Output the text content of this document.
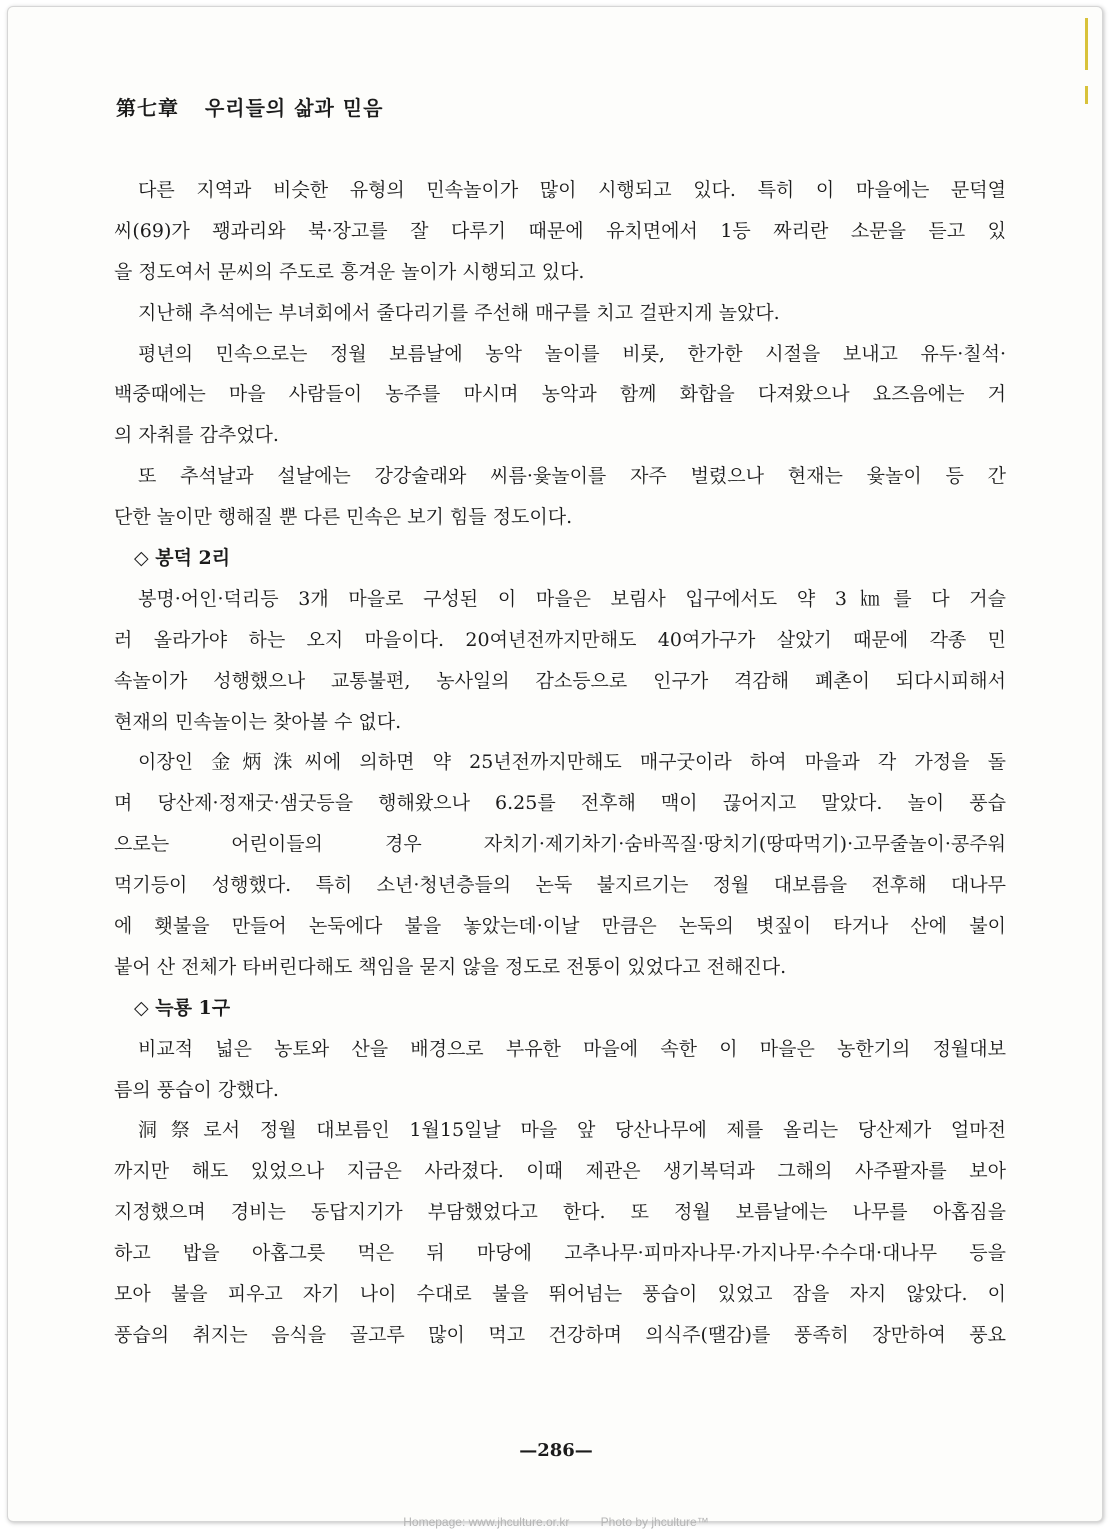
第七章 우리들의 삶과 믿음
다른 지역과 비슷한 유형의 민속놀이가 많이 시행되고 있다. 특히 이 마을에는 문덕열
씨(69)가 꽹과리와 북·장고를 잘 다루기 때문에 유치면에서 1등 짜리란 소문을 듣고 있
을 정도여서 문씨의 주도로 흥겨운 놀이가 시행되고 있다.
지난해 추석에는 부녀회에서 줄다리기를 주선해 매구를 치고 걸판지게 놀았다.
평년의 민속으로는 정월 보름날에 농악 놀이를 비롯, 한가한 시절을 보내고 유두·칠석·
백중때에는 마을 사람들이 농주를 마시며 농악과 함께 화합을 다져왔으나 요즈음에는 거
의 자취를 감추었다.
또 추석날과 설날에는 강강술래와 씨름·윷놀이를 자주 벌렸으나 현재는 윷놀이 등 간
단한 놀이만 행해질 뿐 다른 민속은 보기 힘들 정도이다.
◇ 봉덕 2리
봉명·어인·덕리등 3개 마을로 구성된 이 마을은 보림사 입구에서도 약 3㎞를 다 거슬
러 올라가야 하는 오지 마을이다. 20여년전까지만해도 40여가구가 살았기 때문에 각종 민
속놀이가 성행했으나 교통불편, 농사일의 감소등으로 인구가 격감해 폐촌이 되다시피해서
현재의 민속놀이는 찾아볼 수 없다.
이장인 金炳洙씨에 의하면 약 25년전까지만해도 매구굿이라 하여 마을과 각 가정을 돌
며 당산제·정재굿·샘굿등을 행해왔으나 6.25를 전후해 맥이 끊어지고 말았다. 놀이 풍습
으로는 어린이들의 경우 자치기·제기차기·숨바꼭질·땅치기(땅따먹기)·고무줄놀이·콩주워
먹기등이 성행했다. 특히 소년·청년층들의 논둑 불지르기는 정월 대보름을 전후해 대나무
에 횃불을 만들어 논둑에다 불을 놓았는데·이날 만큼은 논둑의 볏짚이 타거나 산에 불이
붙어 산 전체가 타버린다해도 책임을 묻지 않을 정도로 전통이 있었다고 전해진다.
◇ 늑룡 1구
비교적 넓은 농토와 산을 배경으로 부유한 마을에 속한 이 마을은 농한기의 정월대보
름의 풍습이 강했다.
洞祭로서 정월 대보름인 1월15일날 마을 앞 당산나무에 제를 올리는 당산제가 얼마전
까지만 해도 있었으나 지금은 사라졌다. 이때 제관은 생기복덕과 그해의 사주팔자를 보아
지정했으며 경비는 동답지기가 부담했었다고 한다. 또 정월 보름날에는 나무를 아홉짐을
하고 밥을 아홉그릇 먹은 뒤 마당에 고추나무·피마자나무·가지나무·수수대·대나무 등을
모아 불을 피우고 자기 나이 수대로 불을 뛰어넘는 풍습이 있었고 잠을 자지 않았다. 이
풍습의 취지는 음식을 골고루 많이 먹고 건강하며 의식주(땔감)를 풍족히 장만하여 풍요
—286—
Homepage: www.jhculture.or.kr	Photo by jhculture™
